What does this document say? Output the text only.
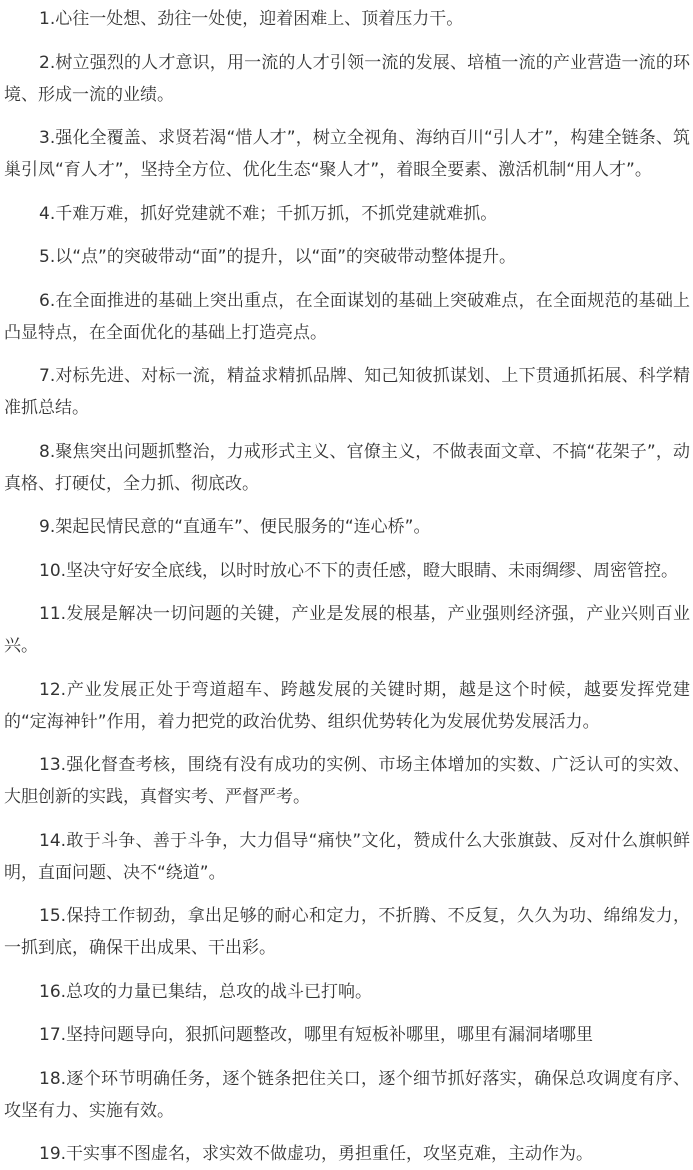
1.心往一处想、劲往一处使，迎着困难上、顶着压力干。

2.树立强烈的人才意识，用一流的人才引领一流的发展、培植一流的产业营造一流的环境、形成一流的业绩。

3.强化全覆盖、求贤若渴“惜人才”，树立全视角、海纳百川“引人才”，构建全链条、筑巢引凤“育人才”，坚持全方位、优化生态“聚人才”，着眼全要素、激活机制“用人才”。

4.千难万难，抓好党建就不难；千抓万抓，不抓党建就难抓。

5.以“点”的突破带动“面”的提升，以“面”的突破带动整体提升。

6.在全面推进的基础上突出重点，在全面谋划的基础上突破难点，在全面规范的基础上凸显特点，在全面优化的基础上打造亮点。

7.对标先进、对标一流，精益求精抓品牌、知己知彼抓谋划、上下贯通抓拓展、科学精准抓总结。

8.聚焦突出问题抓整治，力戒形式主义、官僚主义，不做表面文章、不搞“花架子”，动真格、打硬仗，全力抓、彻底改。

9.架起民情民意的“直通车”、便民服务的“连心桥”。

10.坚决守好安全底线，以时时放心不下的责任感，瞪大眼睛、未雨绸缪、周密管控。

11.发展是解决一切问题的关键，产业是发展的根基，产业强则经济强，产业兴则百业兴。

12.产业发展正处于弯道超车、跨越发展的关键时期，越是这个时候，越要发挥党建的“定海神针”作用，着力把党的政治优势、组织优势转化为发展优势发展活力。

13.强化督查考核，围绕有没有成功的实例、市场主体增加的实数、广泛认可的实效、大胆创新的实践，真督实考、严督严考。

14.敢于斗争、善于斗争，大力倡导“痛快”文化，赞成什么大张旗鼓、反对什么旗帜鲜明，直面问题、决不“绕道”。

15.保持工作韧劲，拿出足够的耐心和定力，不折腾、不反复，久久为功、绵绵发力，一抓到底，确保干出成果、干出彩。

16.总攻的力量已集结，总攻的战斗已打响。

17.坚持问题导向，狠抓问题整改，哪里有短板补哪里，哪里有漏洞堵哪里

18.逐个环节明确任务，逐个链条把住关口，逐个细节抓好落实，确保总攻调度有序、攻坚有力、实施有效。

19.干实事不图虚名，求实效不做虚功，勇担重任，攻坚克难，主动作为。
